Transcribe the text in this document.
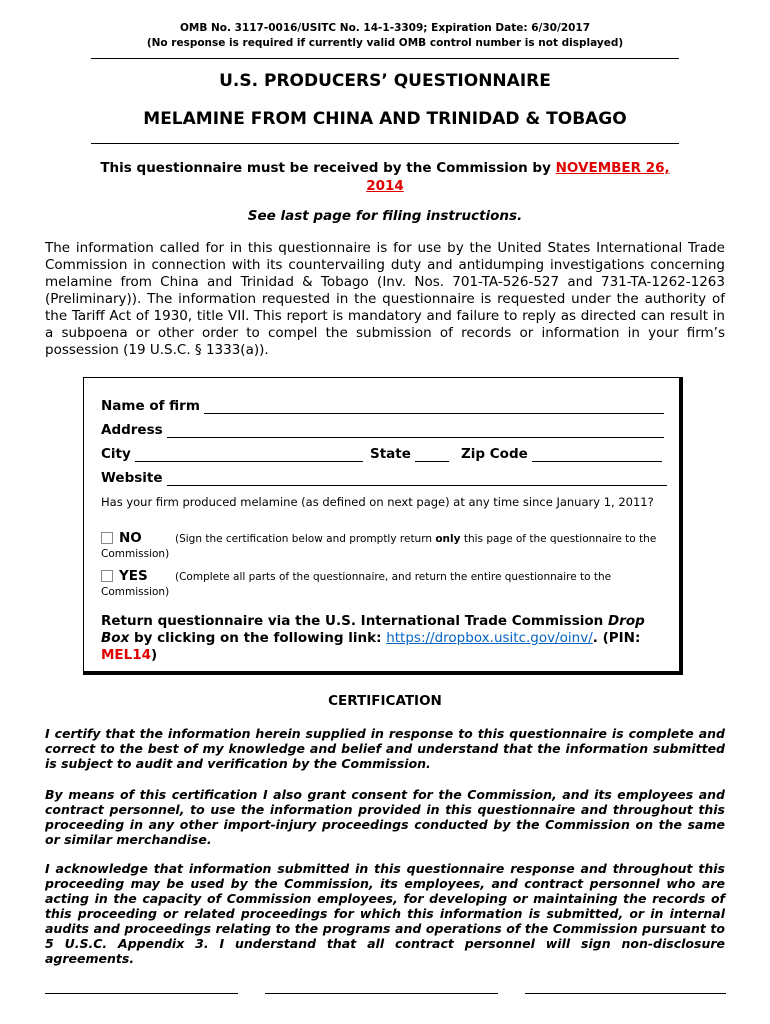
OMB No. 3117-0016/USITC No. 14-1-3309; Expiration Date: 6/30/2017
(No response is required if currently valid OMB control number is not displayed)
U.S. PRODUCERS’ QUESTIONNAIRE
MELAMINE FROM CHINA AND TRINIDAD & TOBAGO
This questionnaire must be received by the Commission by NOVEMBER 26, 2014
See last page for filing instructions.
The information called for in this questionnaire is for use by the United States International Trade Commission in connection with its countervailing duty and antidumping investigations concerning melamine from China and Trinidad & Tobago (Inv. Nos. 701-TA-526-527 and 731-TA-1262-1263 (Preliminary)). The information requested in the questionnaire is requested under the authority of the Tariff Act of 1930, title VII. This report is mandatory and failure to reply as directed can result in a subpoena or other order to compel the submission of records or information in your firm’s possession (19 U.S.C. § 1333(a)).
Name of firm
Address
City	State	Zip Code
Website
Has your firm produced melamine (as defined on next page) at any time since January 1, 2011?
NO	(Sign the certification below and promptly return only this page of the questionnaire to the Commission)
YES	(Complete all parts of the questionnaire, and return the entire questionnaire to the Commission)
Return questionnaire via the U.S. International Trade Commission Drop Box by clicking on the following link: https://dropbox.usitc.gov/oinv/. (PIN: MEL14)
CERTIFICATION
I certify that the information herein supplied in response to this questionnaire is complete and correct to the best of my knowledge and belief and understand that the information submitted is subject to audit and verification by the Commission.
By means of this certification I also grant consent for the Commission, and its employees and contract personnel, to use the information provided in this questionnaire and throughout this proceeding in any other import-injury proceedings conducted by the Commission on the same or similar merchandise.
I acknowledge that information submitted in this questionnaire response and throughout this proceeding may be used by the Commission, its employees, and contract personnel who are acting in the capacity of Commission employees, for developing or maintaining the records of this proceeding or related proceedings for which this information is submitted, or in internal audits and proceedings relating to the programs and operations of the Commission pursuant to 5 U.S.C. Appendix 3. I understand that all contract personnel will sign non-disclosure agreements.
